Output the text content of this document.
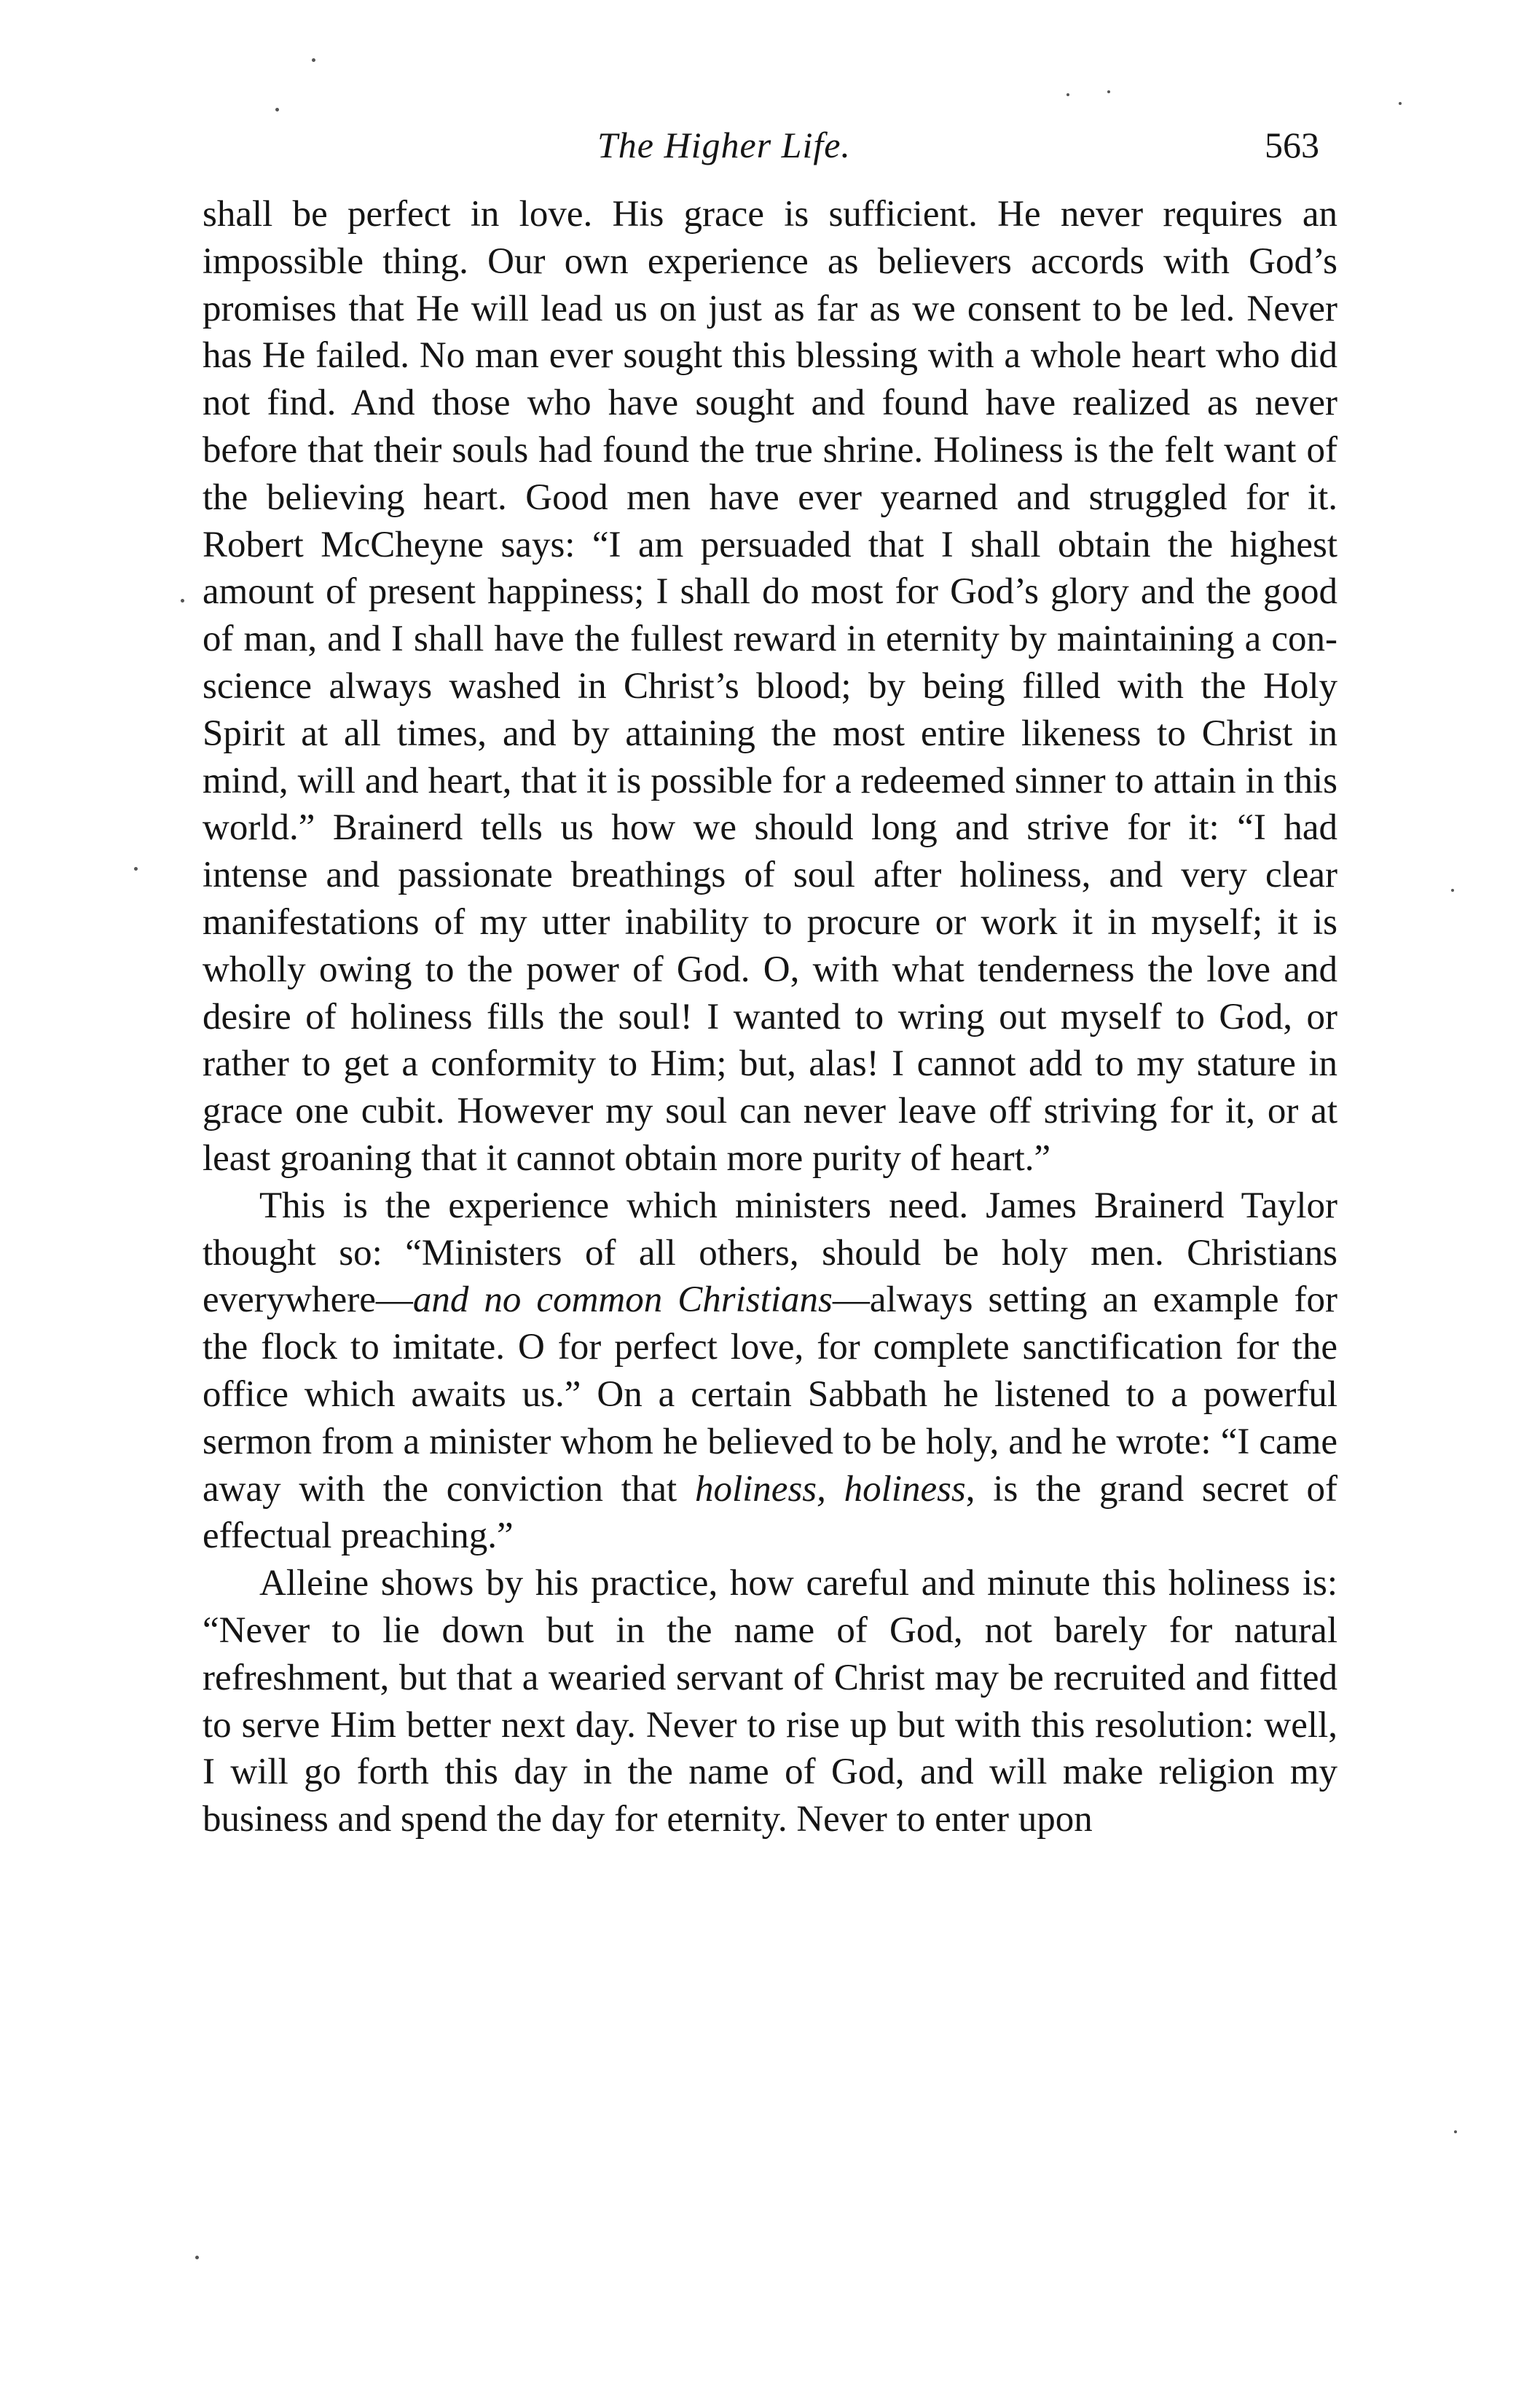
The Higher Life.	563

shall be perfect in love. His grace is sufficient. He never requires an impossible thing. Our own experience as believers accords with God’s promises that He will lead us on just as far as we consent to be led. Never has He failed. No man ever sought this blessing with a whole heart who did not find. And those who have sought and found have realized as never before that their souls had found the true shrine. Holiness is the felt want of the believing heart. Good men have ever yearned and struggled for it. Robert McCheyne says: “I am persuaded that I shall obtain the highest amount of present happiness; I shall do most for God’s glory and the good of man, and I shall have the fullest reward in eternity by maintaining a conscience always washed in Christ’s blood; by being filled with the Holy Spirit at all times, and by attaining the most entire likeness to Christ in mind, will and heart, that it is possible for a redeemed sinner to attain in this world.” Brainerd tells us how we should long and strive for it: “I had intense and passionate breathings of soul after holiness, and very clear manifestations of my utter inability to procure or work it in myself; it is wholly owing to the power of God. O, with what tenderness the love and desire of holiness fills the soul! I wanted to wring out myself to God, or rather to get a conformity to Him; but, alas! I cannot add to my stature in grace one cubit. However my soul can never leave off striving for it, or at least groaning that it cannot obtain more purity of heart.”

This is the experience which ministers need. James Brainerd Taylor thought so: “Ministers of all others, should be holy men. Christians everywhere—and no common Christians—always setting an example for the flock to imitate. O for perfect love, for complete sanctification for the office which awaits us.” On a certain Sabbath he listened to a powerful sermon from a minister whom he believed to be holy, and he wrote: “I came away with the conviction that holiness, holiness, is the grand secret of effectual preaching.”

Alleine shows by his practice, how careful and minute this holiness is: “Never to lie down but in the name of God, not barely for natural refreshment, but that a wearied servant of Christ may be recruited and fitted to serve Him better next day. Never to rise up but with this resolution: well, I will go forth this day in the name of God, and will make religion my business and spend the day for eternity. Never to enter upon
